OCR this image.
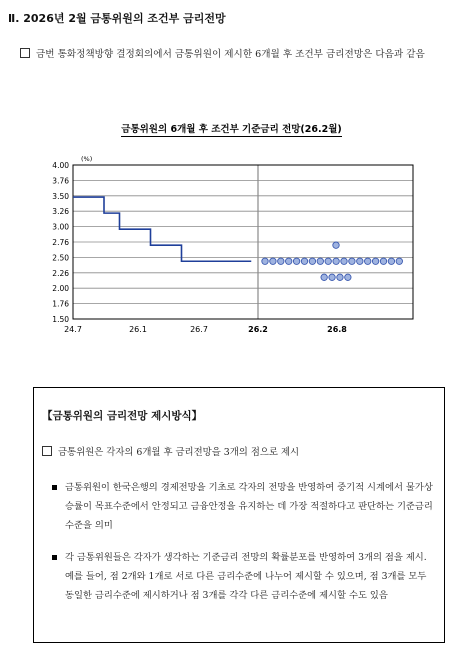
Ⅱ. 2026년 2월 금통위원의 조건부 금리전망
금번 통화정책방향 결정회의에서 금통위원이 제시한 6개월 후 조건부 금리전망은 다음과 같음
금통위원의 6개월 후 조건부 기준금리 전망(26.2월)
4.00
3.76
3.50
3.26
3.00
2.76
2.50
2.26
2.00
1.76
1.50
(%)
24.7	26.1	26.7	26.2	26.8
【금통위원의 금리전망 제시방식】
금통위원은 각자의 6개월 후 금리전망을 3개의 점으로 제시
금통위원이 한국은행의 경제전망을 기초로 각자의 전망을 반영하여 중기적 시계에서 물가상승률이 목표수준에서 안정되고 금융안정을 유지하는 데 가장 적절하다고 판단하는 기준금리 수준을 의미
각 금통위원들은 각자가 생각하는 기준금리 전망의 확률분포를 반영하여 3개의 점을 제시. 예를 들어, 점 2개와 1개로 서로 다른 금리수준에 나누어 제시할 수 있으며, 점 3개를 모두 동일한 금리수준에 제시하거나 점 3개를 각각 다른 금리수준에 제시할 수도 있음
